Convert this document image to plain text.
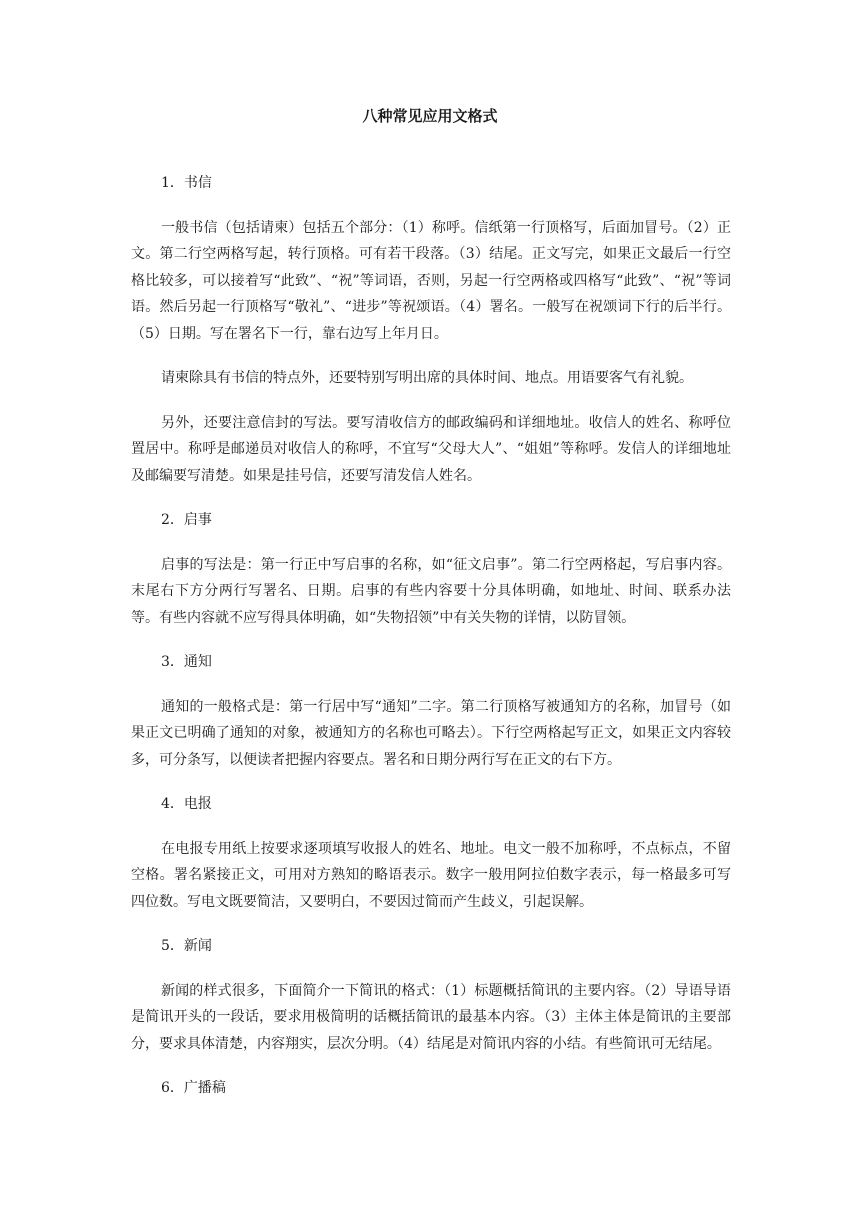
八种常见应用文格式

1．书信

一般书信（包括请柬）包括五个部分：（1）称呼。信纸第一行顶格写，后面加冒号。（2）正文。第二行空两格写起，转行顶格。可有若干段落。（3）结尾。正文写完，如果正文最后一行空格比较多，可以接着写“此致”、“祝”等词语，否则，另起一行空两格或四格写“此致”、“祝”等词语。然后另起一行顶格写“敬礼”、“进步”等祝颂语。（4）署名。一般写在祝颂词下行的后半行。（5）日期。写在署名下一行，靠右边写上年月日。

请柬除具有书信的特点外，还要特别写明出席的具体时间、地点。用语要客气有礼貌。

另外，还要注意信封的写法。要写清收信方的邮政编码和详细地址。收信人的姓名、称呼位置居中。称呼是邮递员对收信人的称呼，不宜写“父母大人”、“姐姐”等称呼。发信人的详细地址及邮编要写清楚。如果是挂号信，还要写清发信人姓名。

2．启事

启事的写法是：第一行正中写启事的名称，如“征文启事”。第二行空两格起，写启事内容。末尾右下方分两行写署名、日期。启事的有些内容要十分具体明确，如地址、时间、联系办法等。有些内容就不应写得具体明确，如“失物招领”中有关失物的详情，以防冒领。

3．通知

通知的一般格式是：第一行居中写“通知”二字。第二行顶格写被通知方的名称，加冒号（如果正文已明确了通知的对象，被通知方的名称也可略去）。下行空两格起写正文，如果正文内容较多，可分条写，以便读者把握内容要点。署名和日期分两行写在正文的右下方。

4．电报

在电报专用纸上按要求逐项填写收报人的姓名、地址。电文一般不加称呼，不点标点，不留空格。署名紧接正文，可用对方熟知的略语表示。数字一般用阿拉伯数字表示，每一格最多可写四位数。写电文既要简洁，又要明白，不要因过简而产生歧义，引起误解。

5．新闻

新闻的样式很多，下面简介一下简讯的格式：（1）标题概括简讯的主要内容。（2）导语导语是简讯开头的一段话，要求用极简明的话概括简讯的最基本内容。（3）主体主体是简讯的主要部分，要求具体清楚，内容翔实，层次分明。（4）结尾是对简讯内容的小结。有些简讯可无结尾。

6．广播稿
